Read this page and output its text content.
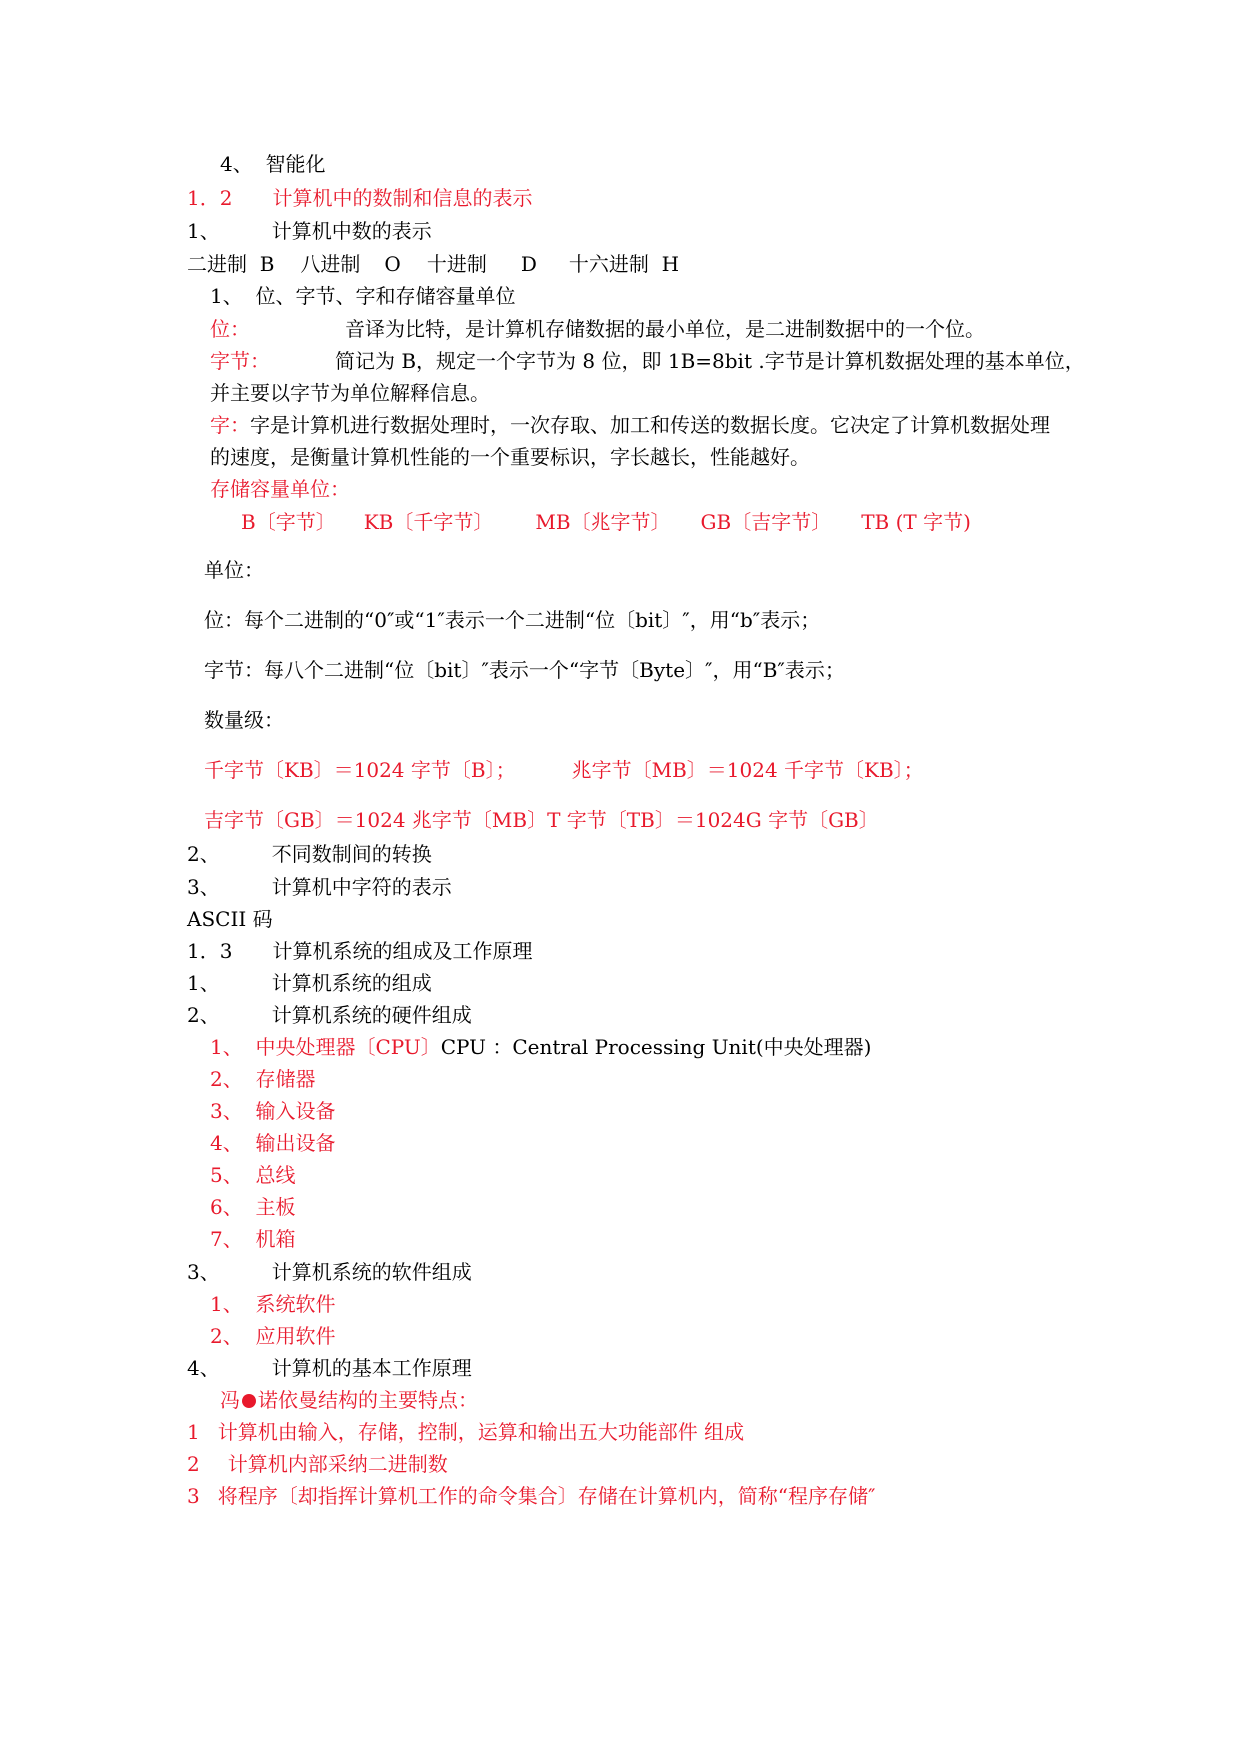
4、 智能化
1．2 计算机中的数制和信息的表示
1、	计算机中数的表示
二进制 B 八进制 O 十进制 D 十六进制 H
1、 位、字节、字和存储容量单位
位：	音译为比特，是计算机存储数据的最小单位，是二进制数据中的一个位。
字节：	简记为 B，规定一个字节为 8 位，即 1B=8bit .字节是计算机数据处理的基本单位，
并主要以字节为单位解释信息。
字：字是计算机进行数据处理时，一次存取、加工和传送的数据长度。它决定了计算机数据处理
的速度，是衡量计算机性能的一个重要标识，字长越长，性能越好。
存储容量单位：
B〔字节〕 KB〔千字节〕 MB〔兆字节〕 GB〔吉字节〕 TB (T 字节)
单位：
位：每个二进制的“0″或“1″表示一个二进制“位〔bit〕″，用“b″表示；
字节：每八个二进制“位〔bit〕″表示一个“字节〔Byte〕″，用“B″表示；
数量级：
千字节〔KB〕＝1024 字节〔B〕；	兆字节〔MB〕＝1024 千字节〔KB〕；
吉字节〔GB〕＝1024 兆字节〔MB〕T 字节〔TB〕＝1024G 字节〔GB〕
2、	不同数制间的转换
3、	计算机中字符的表示
ASCII 码
1．3 计算机系统的组成及工作原理
1、	计算机系统的组成
2、	计算机系统的硬件组成
1、 中央处理器〔CPU〕CPU ：Central Processing Unit(中央处理器)
2、 存储器
3、 输入设备
4、 输出设备
5、 总线
6、 主板
7、 机箱
3、	计算机系统的软件组成
1、 系统软件
2、 应用软件
4、	计算机的基本工作原理
冯 诺依曼结构的主要特点：
1 计算机由输入，存储，控制，运算和输出五大功能部件 组成
2 计算机内部采纳二进制数
3 将程序〔却指挥计算机工作的命令集合〕存储在计算机内，简称“程序存储″
